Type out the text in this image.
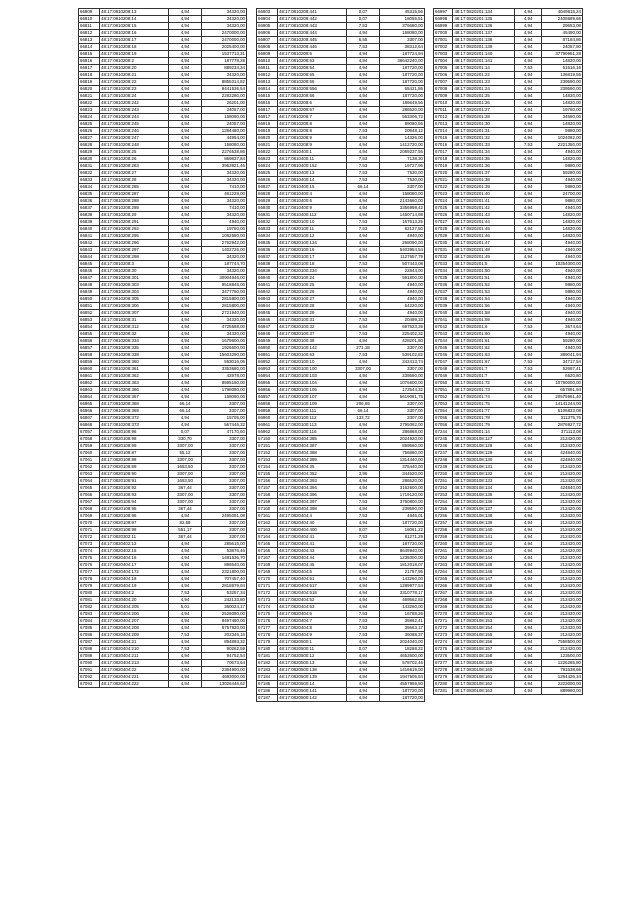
66809	48:17:0810208:13	4,94	34320,00
66810	48:17:0810208:14	4,94	34320,00
66811	48:17:0810208:15	4,94	34320,00
66812	48:17:0810208:16	4,94	2470000,00
66813	48:17:0810208:17	4,94	2470000,00
66814	48:17:0810208:18	4,94	2025400,00
66815	48:17:0810208:19	4,94	1537713,31
66816	48:17:0810208:2	4,94	187778,28
66817	48:17:0810208:20	4,94	889234,34
66818	48:17:0810208:21	4,94	34320,00
66819	48:17:0810208:22	4,94	8855314,82
66820	48:17:0810208:23	4,94	9441536,54
66821	48:17:0810208:24	4,94	2282280,00
66822	48:17:0810208:242	4,94	26201,00
66823	48:17:0810208:243	4,94	24057,00
66824	48:17:0810208:244	4,94	158080,00
66825	48:17:0810208:245	4,94	24057,00
66826	48:17:0810208:246	4,94	1284480,00
66827	48:17:0810208:247	4,94	44954,00
66828	48:17:0810208:248	4,94	158080,00
66829	48:17:0810208:25	4,94	2276538,86
66830	48:17:0810208:26	4,94	869837,84
66831	48:17:0810208:263	4,94	3953921,46
66832	48:17:0810208:27	4,94	34320,00
66833	48:17:0810208:28	4,94	34320,00
66834	48:17:0810208:285	4,94	7410,00
66835	48:17:0810208:287	4,94	461228,00
66836	48:17:0810208:288	4,94	34320,00
66837	48:17:0810208:289	4,94	7410,00
66838	48:17:0810208:29	4,94	34320,00
66839	48:17:0810208:291	4,94	4940,00
66840	48:17:0810208:292	4,94	19760,00
66841	48:17:0810208:295	4,94	1052580,00
66842	48:17:0810208:296	4,94	2762942,00
66843	48:17:0810208:297	4,94	1402726,00
66844	48:17:0810208:298	4,94	34320,00
66845	48:17:0810208:3	4,94	187744,70
66846	48:17:0810208:30	4,94	34320,00
66847	48:17:0810208:301	4,94	30904646,00
66848	48:17:0810208:303	4,94	9518846,00
66849	48:17:0810208:304	4,94	3477760,00
66850	48:17:0810208:305	4,94	2815800,00
66851	48:17:0810208:306	4,94	2815800,00
66852	48:17:0810208:307	4,94	2721940,00
66853	48:17:0810208:31	4,94	34320,00
66854	48:17:0810208:312	4,94	4725588,00
66855	48:17:0810208:32	4,94	34320,00
66856	48:17:0810208:334	4,94	1679600,00
66857	48:17:0810208:335	4,94	1926600,00
66858	48:17:0810208:338	4,94	15603290,00
66859	48:17:0810208:360	4,94	553016,06
66860	48:17:0810208:361	4,94	3353680,00
66861	48:17:0810208:362	4,94	42978,00
66862	48:17:0810208:363	4,94	8595160,00
66863	48:17:0810208:366	4,94	1798080,00
66864	48:17:0810208:367	4,94	158080,00
66865	48:17:0810208:368	66,14	3307,00
66866	48:17:0810208:369	66,14	3307,00
66867	48:17:0810208:372	4,94	15705,00
66868	48:17:0810208:373	4,94	567446,32
67057	48:17:0820108:96	0,07	47170,60
67058	48:17:0820108:98	330,70	3307,00
67059	48:17:0820108:99	3307,00	3307,00
67060	48:17:0820108:87	55,12	3307,00
67061	48:17:0820108:88	3307,00	3307,00
67062	48:17:0820108:89	1653,50	3307,00
67063	48:17:0820108:90	3307,00	3307,00
67064	48:17:0820108:91	1653,50	3307,00
67065	48:17:0820108:92	367,44	3307,00
67066	48:17:0820108:93	3307,00	3307,00
67067	48:17:0820108:94	3307,00	3307,00
67068	48:17:0820108:95	367,44	3307,00
67069	48:17:0820108:96	4,94	2495091,08
67070	48:17:0820108:97	82,68	3307,00
67071	48:17:0820108:98	551,17	3307,00
67072	48:17:0820302:11	367,44	3307,00
67073	48:17:0820402:12	4,94	285615,00
67074	48:17:0820402:15	4,94	53876,46
67075	48:17:0820404:16	4,94	1481536,70
67076	48:17:0820404:17	4,94	896540,00
67077	48:17:0820404:172	4,94	2321800,00
67078	48:17:0820404:18	4,94	707457,40
67079	48:17:0820404:19	4,94	2818679,94
67080	48:17:0820404:2	7,53	53257,34
67081	48:17:0820404:20	4,94	242133,80
67082	48:17:0820404:205	5,01	360024,17
67083	48:17:0820404:206	4,94	2528080,00
67084	48:17:0820404:207	4,94	8497480,00
67085	48:17:0820404:208	4,94	6757920,00
67086	48:17:0820404:209	7,53	202346,16
67087	48:17:0820404:21	4,94	894893,32
67088	48:17:0820404:210	7,53	90262,59
67089	48:17:0820404:211	4,94	94752,54
67090	48:17:0820404:213	4,94	70673,64
67091	48:17:0820404:22	4,94	2364900,00
67092	48:17:0820404:221	4,94	4693000,00
67093	48:17:0820404:222	4,94	13026446,62
66903	48:17:0810208:441	0,07	45315,56
66904	48:17:0810208:442	0,07	18055,51
66905	48:17:0810208:443	7,53	376680,00
66906	48:17:0810208:444	4,94	158080,00
66907	48:17:0810208:445	6,55	3307,00
66908	48:17:0810208:446	7,53	38312,64
66909	48:17:0810208:5	4,94	187724,94
66910	48:17:0810208:53	4,94	36642240,00
66911	48:17:0810208:54	4,94	187720,00
66912	48:17:0810208:55	4,94	187720,00
66913	48:17:0810208:56	4,94	187720,00
66914	48:17:0810208:556	4,94	55421,86
66915	48:17:0810208:56	4,94	187720,00
66916	48:17:0810208:6	4,94	186649,56
66917	48:17:0810208:57	4,94	286520,00
66917	48:17:0810208:7	4,94	563306,72
66918	48:17:0810208:8	4,94	89080,56
66919	48:17:0810208:8	7,53	20948,12
66920	48:17:0810208:9	4,94	14326,00
66921	48:17:0810208:9	4,94	1412720,00
66922	48:17:0810400:1	4,94	2069237,56
66923	48:17:0810400:11	7,53	7138,30
66924	48:17:0810400:152	7,53	19727,96
66925	48:17:0810400:13	7,53	7530,00
66926	48:17:0810400:14	7,53	7530,00
66927	48:17:0810400:15	66,14	3307,00
66928	48:17:0810400:4	4,94	158080,00
66929	48:17:0810400:6	4,94	2143660,00
66930	48:17:0810400:9	4,94	3356998,42
66931	48:17:0810400:112	4,94	1450714,98
66932	48:17:0820100:10	7,53	167613,25
66933	48:17:0820100:11	7,53	82127,50
66934	48:17:0820100:12	4,94	4940,00
66935	48:17:0820100:134	4,94	268090,00
66936	48:17:0820100:16	4,94	5403954,54
66937	48:17:0820100:17	4,94	1127657,79
66938	48:17:0820100:18	7,53	507443,08
66939	48:17:0820100:234	4,94	22844,00
66940	48:17:0820100:24	4,94	591800,00
66941	48:17:0820100:25	4,94	4940,00
66942	48:17:0820100:26	4,94	4940,00
66943	48:17:0820100:27	4,94	4940,00
66944	48:17:0820100:28	4,94	64220,00
66945	48:17:0820100:29	4,94	4940,00
66946	48:17:0820100:31	7,53	20489,33
66947	48:17:0820100:32	4,94	697523,39
66948	48:17:0820100:37	7,53	225402,32
66949	48:17:0820100:38	4,94	428201,80
66950	48:17:0820100:142	271,18	3307,00
66951	48:17:0820100:63	7,53	539102,82
66952	48:17:0820100:10	4,94	242413,74
66953	48:17:0820100:100	3307,00	3307,00
66954	48:17:0820100:103	4,94	239590,00
66955	48:17:0820100:104	4,94	1076600,00
66956	48:17:0820100:105	4,94	172544,32
66957	48:17:0820100:107	4,94	5619081,75
66958	48:17:0820100:109	206,69	3307,00
66959	48:17:0820100:111	66,14	3307,00
66960	48:17:0820100:112	133,72	3307,00
66961	48:17:0820100:113	4,94	2795062,00
66962	48:17:0820100:116	4,94	286868,00
67150	48:17:0820404:385	4,94	2024920,00
67151	48:17:0820404:387	4,94	859560,00
67152	48:17:0820404:388	4,94	756880,00
67153	48:17:0820404:389	4,94	1314440,00
67154	48:17:0820404:35	4,94	375440,00
67155	48:17:0820404:352	3,96	344520,00
67156	48:17:0820404:393	4,94	286520,00
67157	48:17:0820404:394	4,94	3162600,00
67158	48:17:0820404:396	4,94	1719120,00
67159	48:17:0820404:397	7,53	3760800,00
67160	48:17:0820404:398	4,94	239590,00
67161	48:17:0820404:4	7,53	4646,01
67162	48:17:0820404:40	4,94	187720,00
67163	48:17:0820404:400	0,07	16061,22
67164	48:17:0820404:41	7,53	81271,29
67165	48:17:0820404:41	4,94	187720,00
67166	48:17:0820404:43	4,94	8649940,00
67167	48:17:0820404:44	4,94	1235000,00
67168	48:17:0820404:45	4,94	1812018,07
67169	48:17:0820404:5	4,94	21757,95
67170	48:17:0820404:51	4,94	143260,00
67171	48:17:0820404:517	4,94	1289977,54
67172	48:17:0820404:518	4,94	3310778,17
67173	48:17:0820404:52	4,94	469562,82
67174	48:17:0820404:53	4,94	143260,00
67175	48:17:0820404:6	7,53	16788,26
67176	48:17:0820404:7	7,53	35862,41
67177	48:17:0820404:8	7,53	35663,17
67178	48:17:0820404:9	7,53	36088,37
67179	48:17:0820500:1	4,94	2024040,00
67180	48:17:0820500:11	0,07	18288,22
67181	48:17:0820500:12	4,94	4653600,00
67182	48:17:0820500:13	4,94	578702,46
67183	48:17:0820500:138	4,94	1416619,00
67184	48:17:0820500:139	4,94	1947505,54
67185	48:17:0820500:14	4,94	4557959,50
67186	48:17:0820500:141	4,94	187720,00
67187	48:17:0820500:142	4,94	187720,00
66997	48:17:0820201:134	4,94	4049815,24
66998	48:17:0820201:135	4,94	2408689,66
66999	48:17:0820201:136	4,94	29653,08
67000	48:17:0820201:137	4,94	45490,00
67001	48:17:0820201:138	4,94	87184,86
67002	48:17:0820201:139	4,94	24057,80
67003	48:17:0820201:140	4,94	37799951,28
67004	48:17:0820201:141	4,94	14820,00
67005	48:17:0820201:14	7,53	51516,16
67006	48:17:0820201:22	4,94	136819,56
67007	48:17:0820201:23	4,94	239590,00
67008	48:17:0820201:24	4,94	239590,00
67009	48:17:0820201:25	4,94	14820,00
67010	48:17:0820201:26	4,94	14820,00
67011	48:17:0820201:27	4,94	19760,00
67012	48:17:0820201:28	4,94	34580,00
67013	48:17:0820201:30	4,94	14820,00
67014	48:17:0820201:31	4,94	9880,00
67015	48:17:0820201:32	4,94	1024082,00
67016	48:17:0820201:33	7,53	2221350,00
67017	48:17:0820201:34	4,94	4940,00
67018	48:17:0820201:35	4,94	14820,00
67019	48:17:0820201:36	4,94	9880,00
67020	48:17:0820201:37	4,94	59280,00
67021	48:17:0820201:38	4,94	4940,00
67022	48:17:0820201:39	4,94	9880,00
67023	48:17:0820201:40	4,94	24700,00
67024	48:17:0820201:41	4,94	9880,00
67025	48:17:0820201:42	4,94	4940,00
67026	48:17:0820201:43	4,94	14820,00
67027	48:17:0820201:44	4,94	14820,00
67028	48:17:0820201:45	4,94	14820,00
67029	48:17:0820201:46	4,94	14820,00
67030	48:17:0820201:47	4,94	4940,00
67031	48:17:0820201:48	4,94	4940,00
67032	48:17:0820201:49	4,94	4940,00
67033	48:17:0820201:5	4,94	10254000,00
67034	48:17:0820201:50	4,94	4940,00
67035	48:17:0820201:51	4,94	4940,00
67036	48:17:0820201:52	4,94	9880,00
67037	48:17:0820201:53	4,94	9880,00
67038	48:17:0820201:54	4,94	4940,00
67039	48:17:0820201:56	4,94	4940,00
67040	48:17:0820201:58	4,94	4940,00
67041	48:17:0820201:59	4,94	4940,00
67042	48:17:0820201:6	7,53	3674,64
67043	48:17:0820201:60	4,94	4940,00
67044	48:17:0820201:61	4,94	59280,00
67045	48:17:0820201:62	4,94	4940,00
67046	48:17:0820201:63	4,94	389041,94
67047	48:17:0820201:67	7,53	34717,54
67048	48:17:0820201:7	7,53	52687,41
67049	48:17:0820201:7	4,94	6520,80
67050	48:17:0820201:72	4,94	10790000,00
67051	48:17:0820201:73	4,94	657891,94
67052	48:17:0820201:74	4,94	20575961,40
67053	48:17:0820201:75	4,94	14141244,00
67054	48:17:0820201:77	4,94	5106833,08
67055	48:17:0820201:78	4,94	311375,76
67056	48:17:0820201:79	4,94	2876927,72
67244	48:17:0820501:14	4,94	371113,08
67245	48:17:0830108:127	4,94	212420,00
67246	48:17:0830108:128	4,94	212420,00
67247	48:17:0830108:129	4,94	424840,00
67248	48:17:0830108:130	4,94	424840,00
67249	48:17:0830108:131	4,94	212420,00
67250	48:17:0830108:132	4,94	212420,00
67251	48:17:0830108:133	4,94	212420,00
67252	48:17:0830108:134	4,94	424840,00
67253	48:17:0830108:135	4,94	212420,00
67254	48:17:0830108:136	4,94	212420,00
67255	48:17:0830108:137	4,94	212420,00
67256	48:17:0830108:138	4,94	212420,00
67257	48:17:0830108:139	4,94	212420,00
67258	48:17:0830108:140	4,94	212420,00
67259	48:17:0830108:141	4,94	212420,00
67260	48:17:0830108:142	4,94	212420,00
67261	48:17:0830108:143	4,94	212420,00
67262	48:17:0830108:144	4,94	212420,00
67263	48:17:0830108:145	4,94	212420,00
67264	48:17:0830108:146	4,94	212420,00
67265	48:17:0830108:147	4,94	212420,00
67266	48:17:0830108:148	4,94	212420,00
67267	48:17:0830108:149	4,94	212420,00
67268	48:17:0830108:150	4,94	212420,00
67269	48:17:0830108:151	4,94	212420,00
67270	48:17:0830108:152	4,94	212420,00
67271	48:17:0830108:153	4,94	212420,00
67272	48:17:0830108:154	4,94	212420,00
67273	48:17:0830108:155	4,94	212420,00
67274	48:17:0830108:156	4,94	7558500,00
67275	48:17:0830108:157	4,94	212420,00
67276	48:17:0830108:158	4,94	123500,00
67277	48:17:0830108:159	4,94	1226285,80
67278	48:17:0830108:160	4,94	791538,66
67279	48:17:0830108:161	4,94	1264426,34
67280	48:17:0830108:162	4,94	2223000,00
67281	48:17:0830108:163	4,94	889980,00
